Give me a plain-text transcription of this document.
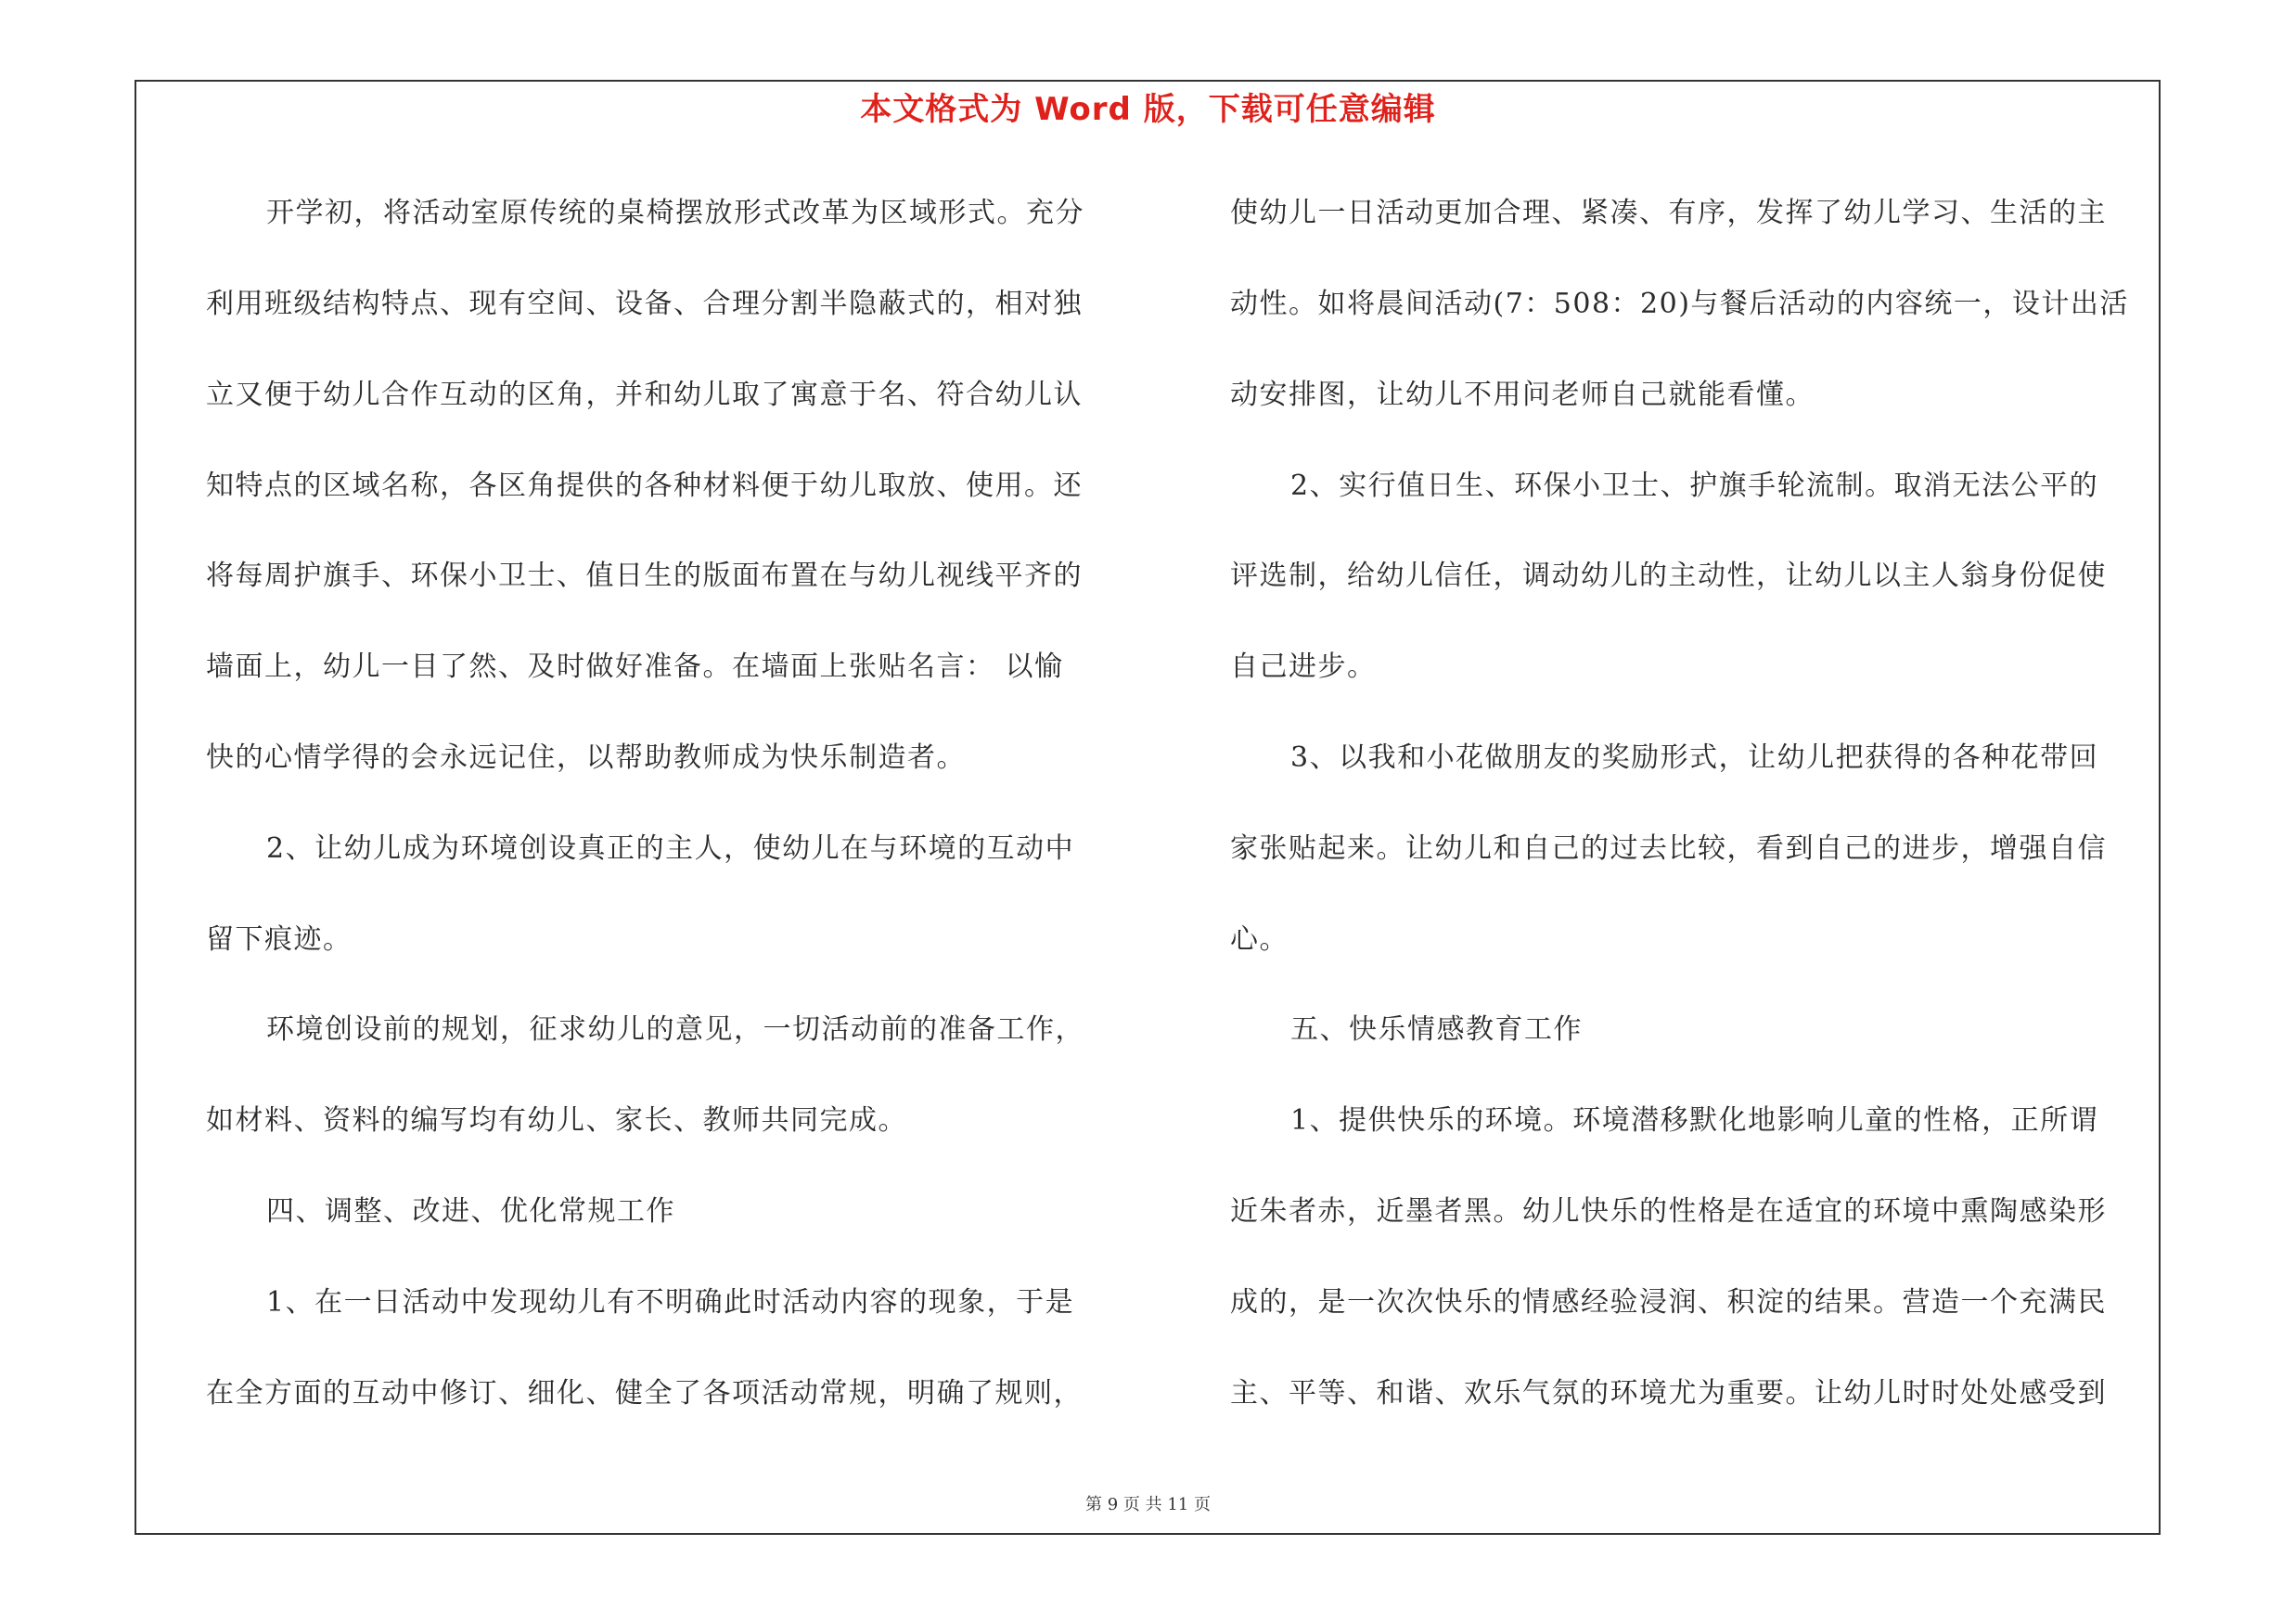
本文格式为 Word 版，下载可任意编辑
开学初，将活动室原传统的桌椅摆放形式改革为区域形式。充分
利用班级结构特点、现有空间、设备、合理分割半隐蔽式的，相对独
立又便于幼儿合作互动的区角，并和幼儿取了寓意于名、符合幼儿认
知特点的区域名称，各区角提供的各种材料便于幼儿取放、使用。还
将每周护旗手、环保小卫士、值日生的版面布置在与幼儿视线平齐的
墙面上，幼儿一目了然、及时做好准备。在墙面上张贴名言： 以愉
快的心情学得的会永远记住，以帮助教师成为快乐制造者。
2、让幼儿成为环境创设真正的主人，使幼儿在与环境的互动中
留下痕迹。
环境创设前的规划，征求幼儿的意见，一切活动前的准备工作，
如材料、资料的编写均有幼儿、家长、教师共同完成。
四、调整、改进、优化常规工作
1、在一日活动中发现幼儿有不明确此时活动内容的现象，于是
在全方面的互动中修订、细化、健全了各项活动常规，明确了规则，
使幼儿一日活动更加合理、紧凑、有序，发挥了幼儿学习、生活的主
动性。如将晨间活动(7：508：20)与餐后活动的内容统一，设计出活
动安排图，让幼儿不用问老师自己就能看懂。
2、实行值日生、环保小卫士、护旗手轮流制。取消无法公平的
评选制，给幼儿信任，调动幼儿的主动性，让幼儿以主人翁身份促使
自己进步。
3、以我和小花做朋友的奖励形式，让幼儿把获得的各种花带回
家张贴起来。让幼儿和自己的过去比较，看到自己的进步，增强自信
心。
五、快乐情感教育工作
1、提供快乐的环境。环境潜移默化地影响儿童的性格，正所谓
近朱者赤，近墨者黑。幼儿快乐的性格是在适宜的环境中熏陶感染形
成的，是一次次快乐的情感经验浸润、积淀的结果。营造一个充满民
主、平等、和谐、欢乐气氛的环境尤为重要。让幼儿时时处处感受到
第 9 页 共 11 页
